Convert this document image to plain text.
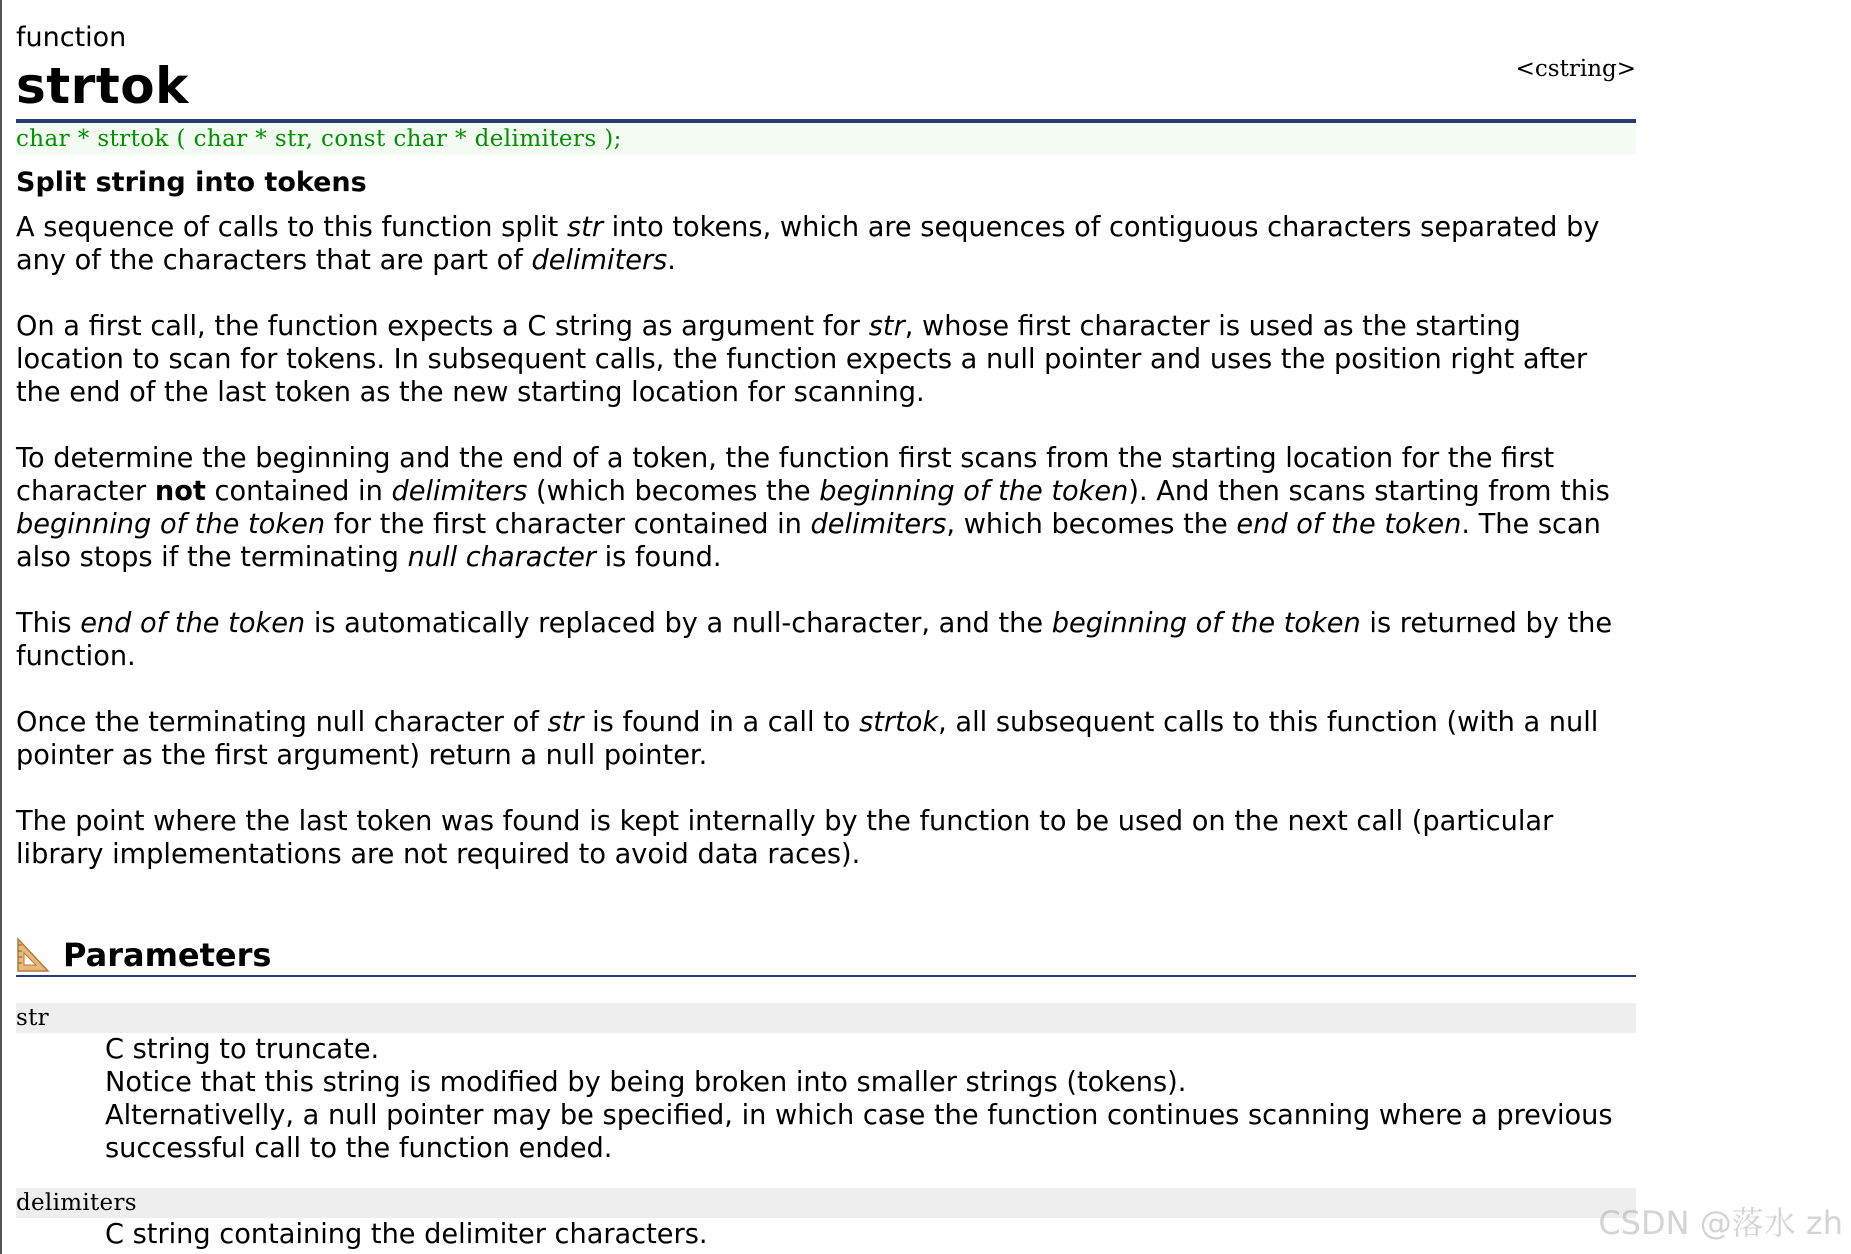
function
strtok	<cstring>
char * strtok ( char * str, const char * delimiters );
Split string into tokens

A sequence of calls to this function split str into tokens, which are sequences of contiguous characters separated by any of the characters that are part of delimiters.

On a first call, the function expects a C string as argument for str, whose first character is used as the starting location to scan for tokens. In subsequent calls, the function expects a null pointer and uses the position right after the end of the last token as the new starting location for scanning.

To determine the beginning and the end of a token, the function first scans from the starting location for the first character not contained in delimiters (which becomes the beginning of the token). And then scans starting from this beginning of the token for the first character contained in delimiters, which becomes the end of the token. The scan also stops if the terminating null character is found.

This end of the token is automatically replaced by a null-character, and the beginning of the token is returned by the function.

Once the terminating null character of str is found in a call to strtok, all subsequent calls to this function (with a null pointer as the first argument) return a null pointer.

The point where the last token was found is kept internally by the function to be used on the next call (particular library implementations are not required to avoid data races).

Parameters
str
C string to truncate.
Notice that this string is modified by being broken into smaller strings (tokens).
Alternativelly, a null pointer may be specified, in which case the function continues scanning where a previous successful call to the function ended.
delimiters
C string containing the delimiter characters.	CSDN @落水 zh
